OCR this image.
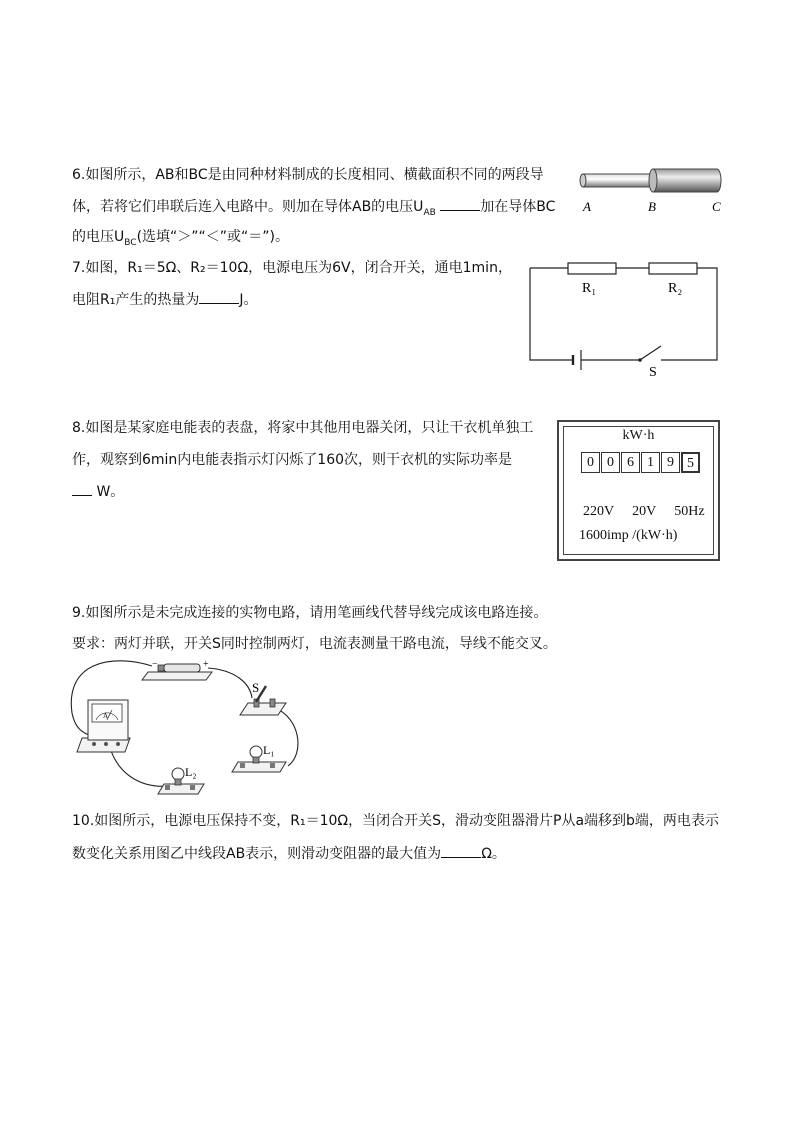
6.如图所示，AB和BC是由同种材料制成的长度相同、横截面积不同的两段导
体，若将它们串联后连入电路中。则加在导体AB的电压$U_{AB}$	加在导体BC
的电压$U_{BC}$(选填“＞”“＜”或“＝”)。
A	B	C
7.如图，R₁＝5Ω、R₂＝10Ω，电源电压为6V，闭合开关，通电1min，
电阻R₁产生的热量为	J。
R₁	R₂
S
8.如图是某家庭电能表的表盘，将家中其他用电器关闭，只让干衣机单独工
作，观察到6min内电能表指示灯闪烁了160次，则干衣机的实际功率是
W。
kW·h
0 0 6 1 9 5
220V 20V 50Hz
1600imp /(kW·h)
9.如图所示是未完成连接的实物电路，请用笔画线代替导线完成该电路连接。
要求：两灯并联，开关S同时控制两灯，电流表测量干路电流，导线不能交叉。
−	+
S
A
L₁
L₂
10.如图所示，电源电压保持不变，R₁＝10Ω，当闭合开关S，滑动变阻器滑片P从a端移到b端，两电表示
数变化关系用图乙中线段AB表示，则滑动变阻器的最大值为	Ω。
